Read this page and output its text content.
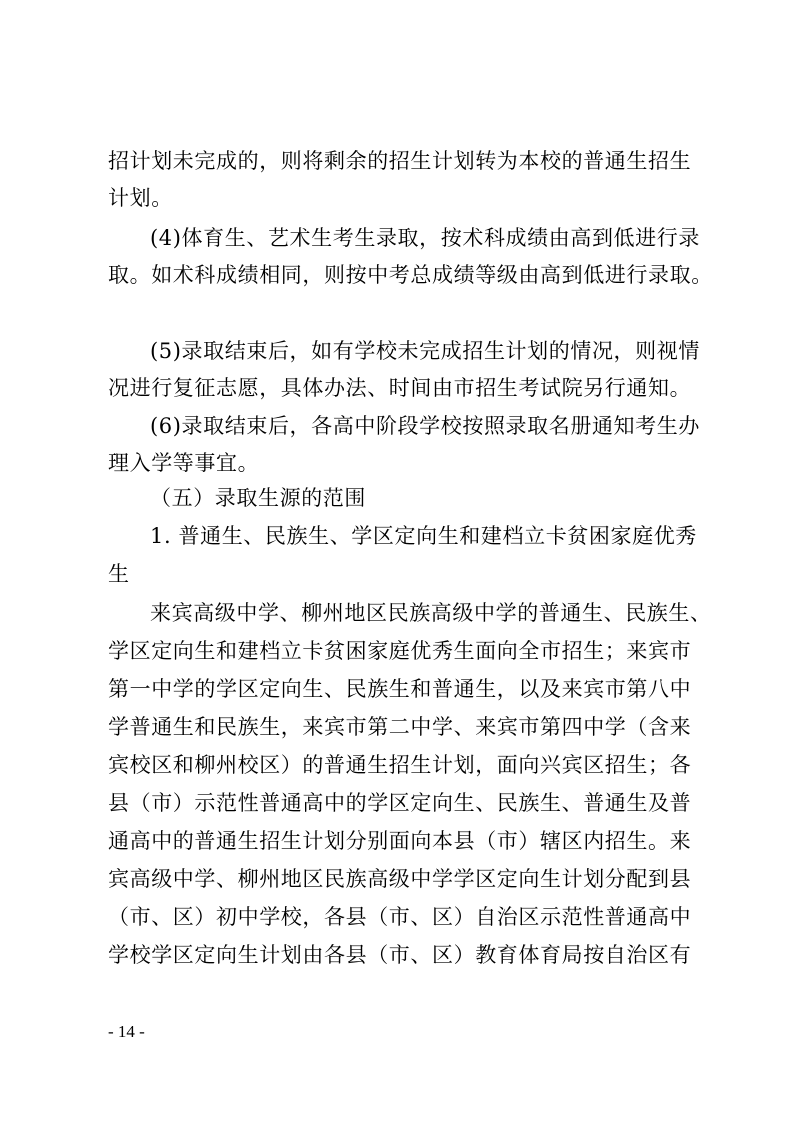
招计划未完成的，则将剩余的招生计划转为本校的普通生招生
计划。
(4)体育生、艺术生考生录取，按术科成绩由高到低进行录
取。如术科成绩相同，则按中考总成绩等级由高到低进行录取。
(5)录取结束后，如有学校未完成招生计划的情况，则视情
况进行复征志愿，具体办法、时间由市招生考试院另行通知。
(6)录取结束后，各高中阶段学校按照录取名册通知考生办
理入学等事宜。
（五）录取生源的范围
1. 普通生、民族生、学区定向生和建档立卡贫困家庭优秀
生
来宾高级中学、柳州地区民族高级中学的普通生、民族生、
学区定向生和建档立卡贫困家庭优秀生面向全市招生；来宾市
第一中学的学区定向生、民族生和普通生，以及来宾市第八中
学普通生和民族生，来宾市第二中学、来宾市第四中学（含来
宾校区和柳州校区）的普通生招生计划，面向兴宾区招生；各
县（市）示范性普通高中的学区定向生、民族生、普通生及普
通高中的普通生招生计划分别面向本县（市）辖区内招生。来
宾高级中学、柳州地区民族高级中学学区定向生计划分配到县
（市、区）初中学校，各县（市、区）自治区示范性普通高中
学校学区定向生计划由各县（市、区）教育体育局按自治区有
- 14 -
